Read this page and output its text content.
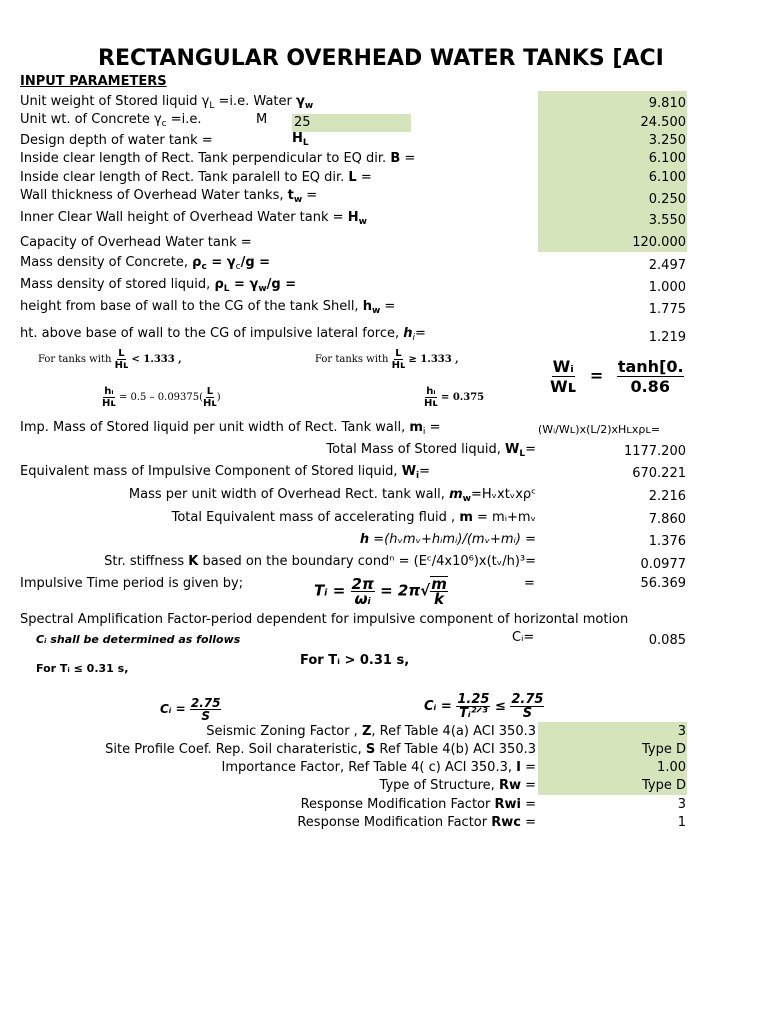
RECTANGULAR OVERHEAD WATER TANKS [ACI
INPUT PARAMETERS
Unit weight of Stored liquid $\gamma_L =i.e$. Water $\gamma_w$	9.810
Unit wt. of Concrete $\gamma_c =i.e$.	M 25	24.500
Design depth of water tank =	$H_L$	3.250
Inside clear length of Rect. Tank perpendicular to EQ dir. B =	6.100
Inside clear length of Rect. Tank paralell to EQ dir. L =	6.100
Wall thickness of Overhead Water tanks, $t_w$ =	0.250
Inner Clear Wall height of Overhead Water $\tan k = H_w$	3.550
Capacity of Overhead Water tank =	120.000
Mass density of Concrete, $\rho_c = \gamma_c/g$ =	2.497
Mass density of stored liquid, $\rho_L = \gamma_w/g$ =	1.000
height from base of wall to the CG of the tank Shell, $h_w$ =	1.775
ht. above base of wall to the CG of impulsive lateral force, $h_i=$	1.219
For tanks with $\frac{L}{\text{Hʟ}} < 1.333$ ,	For tanks with $\frac{L}{\text{Hʟ}} \ge 1.333$ ,
$\frac{\text{hᵢ}}{\text{Hʟ}} = 0.5 - 0.09375( \frac{L}{\text{Hʟ}}$ )	$\frac{\text{hᵢ}}{\text{Hʟ}} = 0.375$
$\frac{\text{Wᵢ}}{\text{Wʟ}} = \frac{\tanh[0.}{0.86}$
Imp. Mass of Stored liquid per unit width of Rect. Tank wall, $m_i$ =	(Wᵢ/Wʟ)x(L/2)xHʟxρʟ=
Total Mass of Stored liquid, $W_L=$	1177.200
Equivalent mass of Impulsive Component of Stored liquid, $W_i=$	670.221
Mass per unit width of Overhead Rect. tank wall, $m_w=Hᵥxtᵥx\rho ᶜ$	2.216
Total Equivalent mass of accelerating fluid , m = mᵢ+mᵥ	7.860
h =(hᵥmᵥ+hᵢmᵢ)/(mᵥ+mᵢ) =	1.376
Str. stiffness K based on the boundary condⁿ = (Eᶜ/4x10⁶)x(tᵥ/h)³=	0.0977
Impulsive Time period is given by;	Tᵢ = $\frac{2\pi}{\text{ωᵢ}} = 2\pi√ \frac{m}{k}$	=	56.369
Spectral Amplification Factor-period dependent for impulsive component of horizontal motion
Cᵢ shall be determined as follows	Cᵢ=	0.085
For Tᵢ ≤ 0.31 s,
For Tᵢ > 0.31 s,
Cᵢ = $\frac{2.75}{S}$	Cᵢ = $\frac{1.25}{\text{Tᵢ²ᐟ³}} \le \frac{2.75}{S}$
Seismic Zoning Factor , Z, Ref Table 4(a) ACI 350.3	3
Site Profile Coef. Rep. Soil charateristic, S Ref Table 4(b) ACI 350.3	Type D
Importance Factor, Ref Table 4( c) ACI 350.3, I =	1.00
Type of Structure, Rw =	Type D
Response Modification Factor Rwi =	3
Response Modification Factor Rwc =	1
